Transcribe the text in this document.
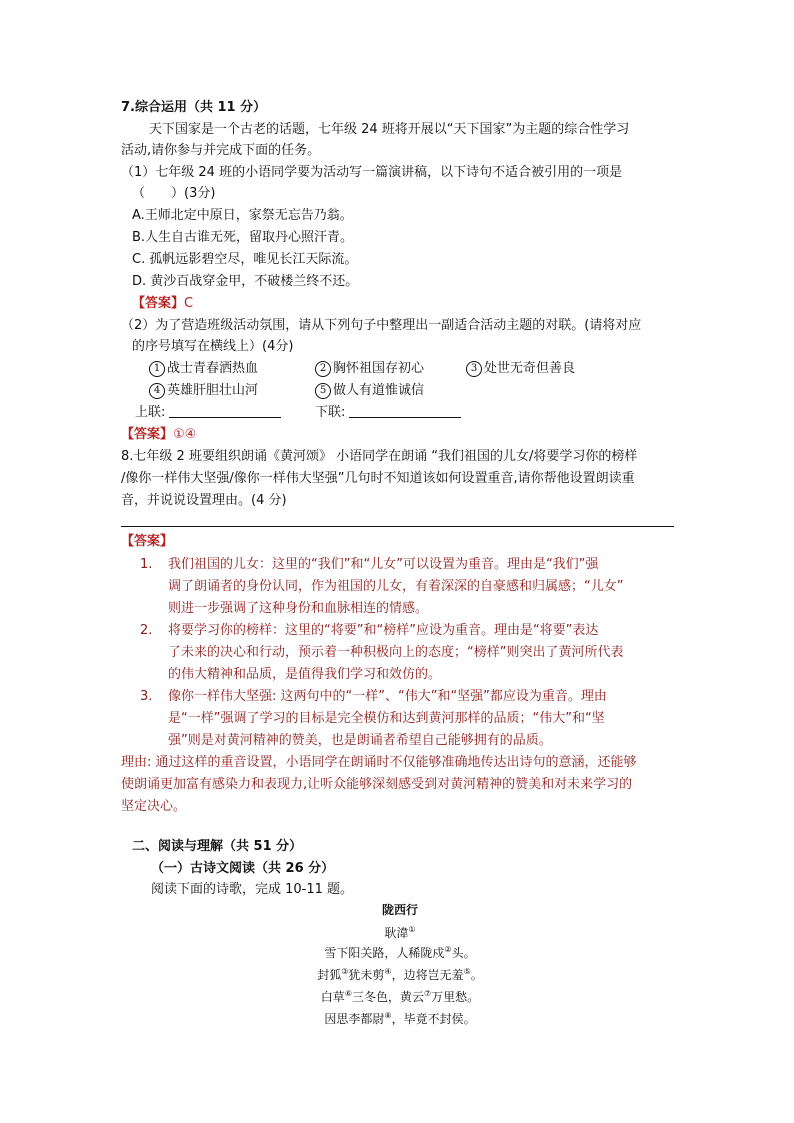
7.综合运用（共 11 分）
天下国家是一个古老的话题，七年级 24 班将开展以“天下国家”为主题的综合性学习
活动,请你参与并完成下面的任务。
（1）七年级 24 班的小语同学要为活动写一篇演讲稿，以下诗句不适合被引用的一项是
（　　）(3分)
A.王师北定中原日，家祭无忘告乃翁。
B.人生自古谁无死，留取丹心照汗青。
C. 孤帆远影碧空尽，唯见长江天际流。
D. 黄沙百战穿金甲，不破楼兰终不还。
【答案】C
（2）为了营造班级活动氛围，请从下列句子中整理出一副适合活动主题的对联。(请将对应
的序号填写在横线上）(4分)
1 战士青春洒热血	2 胸怀祖国存初心	3 处世无奇但善良
4 英雄肝胆壮山河	5 做人有道惟诚信
上联:	下联:
【答案】①④
8.七年级 2 班要组织朗诵《黄河颂》 小语同学在朗诵 “我们祖国的儿女/将要学习你的榜样
/像你一样伟大坚强/像你一样伟大坚强”几句时不知道该如何设置重音,请你帮他设置朗读重
音，并说说设置理由。(4 分)
【答案】
1. 我们祖国的儿女：这里的“我们”和“儿女”可以设置为重音。理由是“我们”强
调了朗诵者的身份认同，作为祖国的儿女，有着深深的自豪感和归属感；“儿女”
则进一步强调了这种身份和血脉相连的情感。
2. 将要学习你的榜样：这里的“将要”和“榜样”应设为重音。理由是“将要”表达
了未来的决心和行动，预示着一种积极向上的态度；“榜样”则突出了黄河所代表
的伟大精神和品质，是值得我们学习和效仿的。
3. 像你一样伟大坚强: 这两句中的“一样”、“伟大”和“坚强”都应设为重音。理由
是“一样”强调了学习的目标是完全模仿和达到黄河那样的品质；“伟大”和“坚
强”则是对黄河精神的赞美，也是朗诵者希望自己能够拥有的品质。
理由: 通过这样的重音设置，小语同学在朗诵时不仅能够准确地传达出诗句的意涵，还能够
使朗诵更加富有感染力和表现力,让听众能够深刻感受到对黄河精神的赞美和对未来学习的
坚定决心。
二、阅读与理解（共 51 分）
（一）古诗文阅读（共 26 分）
阅读下面的诗歌，完成 10-11 题。
陇西行
耿湋①
雪下阳关路，人稀陇戍②头。
封狐③犹未剪④，边将岂无羞⑤。
白草⑥三冬色，黄云⑦万里愁。
因思李都尉⑧，毕竟不封侯。
